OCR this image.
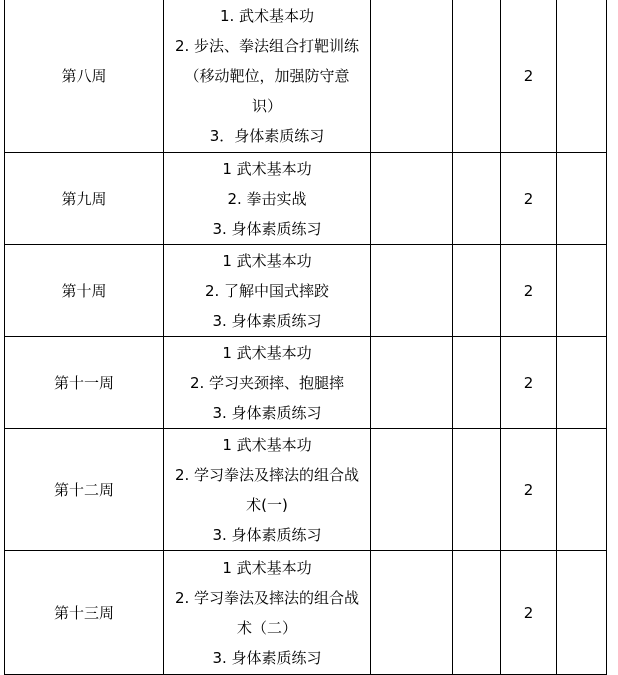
第八周	1. 武术基本功
2. 步法、拳法组合打靶训练
（移动靶位，加强防守意
识）
3．身体素质练习			2	
第九周	1 武术基本功
2. 拳击实战
3. 身体素质练习			2	
第十周	1 武术基本功
2. 了解中国式摔跤
3. 身体素质练习			2	
第十一周	1 武术基本功
2. 学习夹颈摔、抱腿摔
3. 身体素质练习			2	
第十二周	1 武术基本功
2. 学习拳法及摔法的组合战
术(一)
3. 身体素质练习			2	
第十三周	1 武术基本功
2. 学习拳法及摔法的组合战
术（二）
3. 身体素质练习			2	
